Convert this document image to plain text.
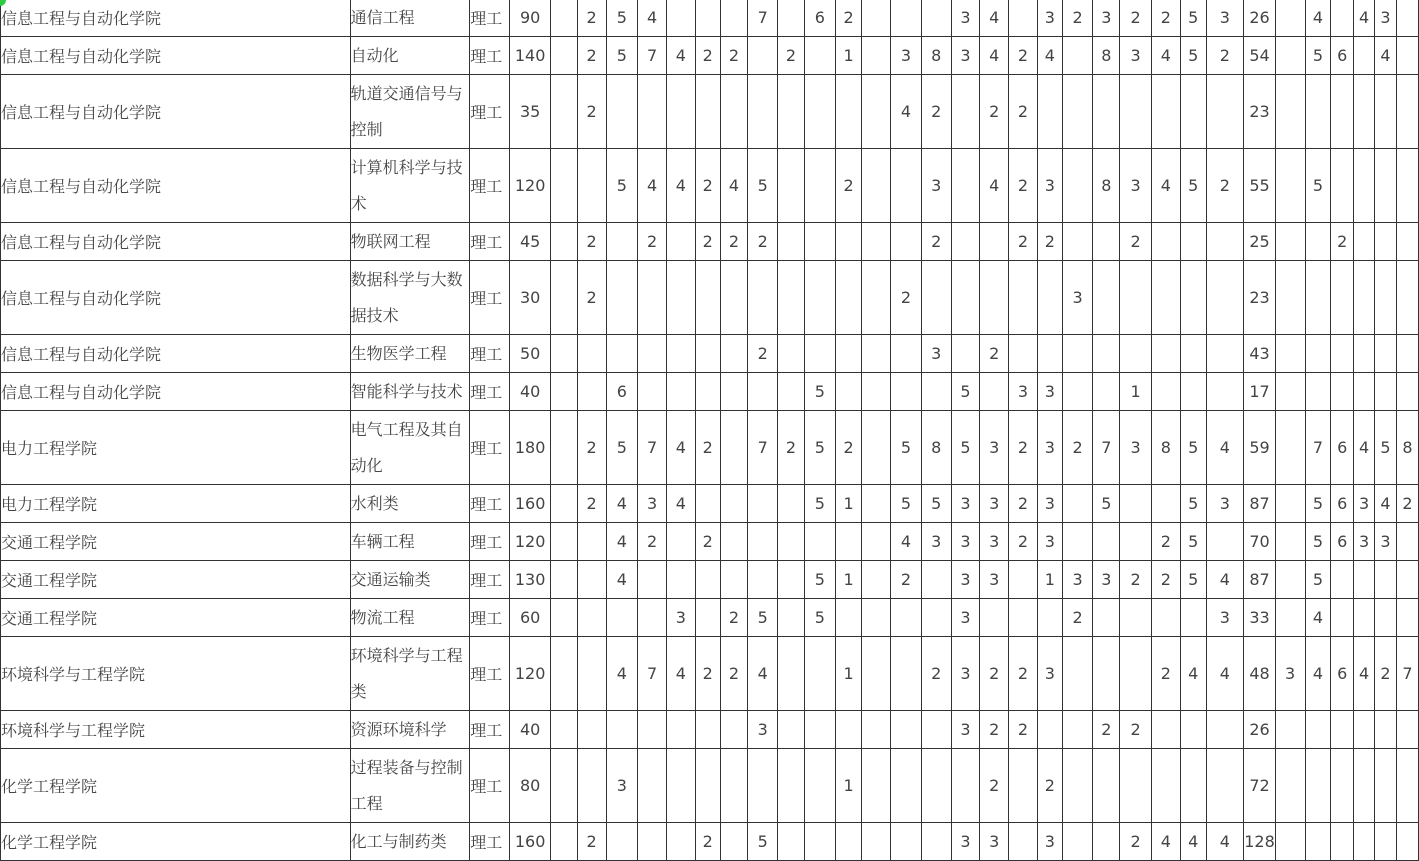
信息工程与自动化学院	通信工程	理工	90		2	5	4				7		6	2				3	4		3	2	3	2	2	5	3	26		4		4	3	
信息工程与自动化学院	自动化	理工	140		2	5	7	4	2	2		2		1		3	8	3	4	2	4		8	3	4	5	2	54		5	6		4	
信息工程与自动化学院	轨道交通信号与控制	理工	35		2											4	2		2	2								23						
信息工程与自动化学院	计算机科学与技术	理工	120			5	4	4	2	4	5			2			3		4	2	3		8	3	4	5	2	55		5				
信息工程与自动化学院	物联网工程	理工	45		2		2		2	2	2						2			2	2			2				25			2			
信息工程与自动化学院	数据科学与大数据技术	理工	30		2											2						3						23						
信息工程与自动化学院	生物医学工程	理工	50								2						3		2									43						
信息工程与自动化学院	智能科学与技术	理工	40			6							5					5		3	3			1				17						
电力工程学院	电气工程及其自动化	理工	180		2	5	7	4	2		7	2	5	2		5	8	5	3	2	3	2	7	3	8	5	4	59		7	6	4	5	8
电力工程学院	水利类	理工	160		2	4	3	4					5	1		5	5	3	3	2	3		5			5	3	87		5	6	3	4	2
交通工程学院	车辆工程	理工	120			4	2		2							4	3	3	3	2	3				2	5		70		5	6	3	3	
交通工程学院	交通运输类	理工	130			4							5	1		2		3	3		1	3	3	2	2	5	4	87		5				
交通工程学院	物流工程	理工	60					3		2	5		5					3				2					3	33		4				
环境科学与工程学院	环境科学与工程类	理工	120			4	7	4	2	2	4			1			2	3	2	2	3				2	4	4	48	3	4	6	4	2	7
环境科学与工程学院	资源环境科学	理工	40								3							3	2	2			2	2				26						
化学工程学院	过程装备与控制工程	理工	80			3								1					2		2							72						
化学工程学院	化工与制药类	理工	160		2				2		5							3	3		3			2	4	4	4	128						
